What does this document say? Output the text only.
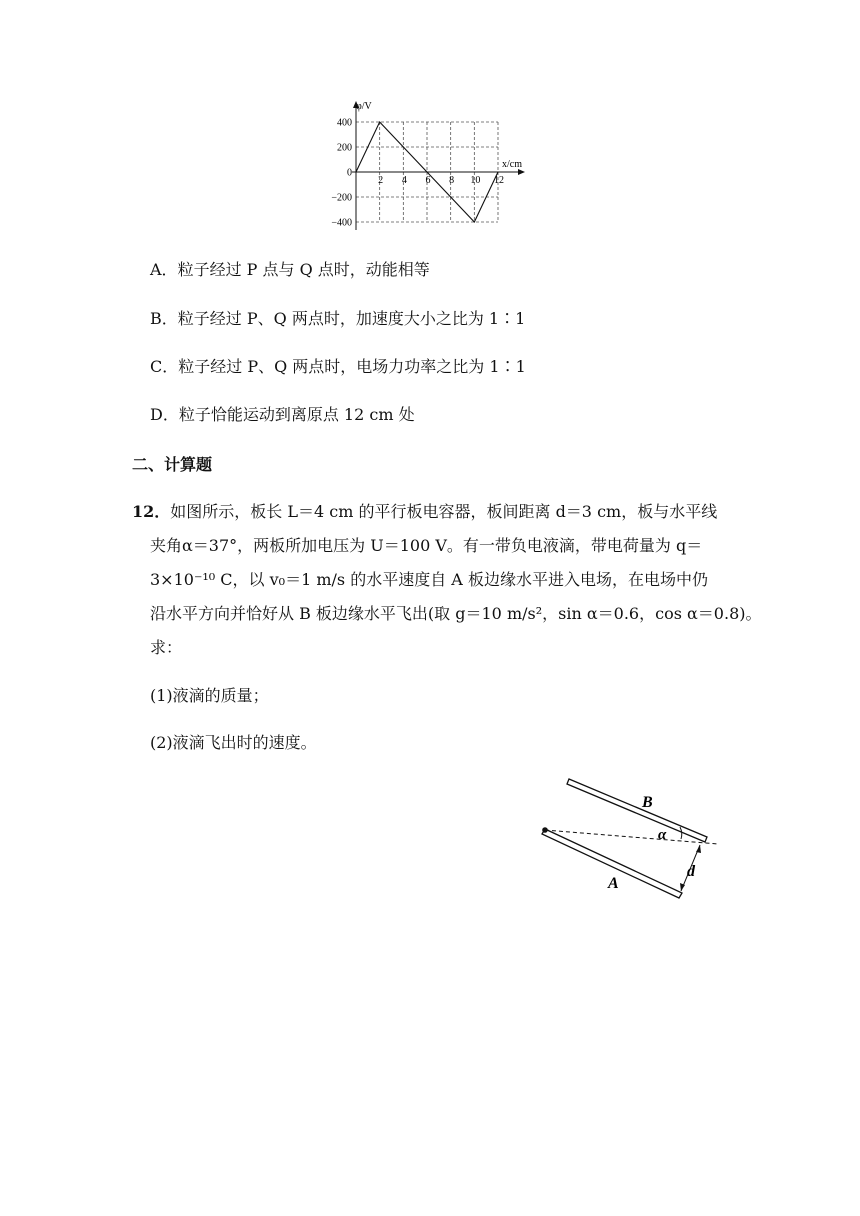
400
200
0
−200
−400
2 4 6 8 10 12
φ/V
x/cm
A．粒子经过 P 点与 Q 点时，动能相等
B．粒子经过 P、Q 两点时，加速度大小之比为 1∶1
C．粒子经过 P、Q 两点时，电场力功率之比为 1∶1
D．粒子恰能运动到离原点 12 cm 处
二、计算题
12．如图所示，板长 L＝4 cm 的平行板电容器，板间距离 d＝3 cm，板与水平线
夹角α＝37°，两板所加电压为 U＝100 V。有一带负电液滴，带电荷量为 q＝
3×10⁻¹⁰ C，以 v₀＝1 m/s 的水平速度自 A 板边缘水平进入电场，在电场中仍
沿水平方向并恰好从 B 板边缘水平飞出(取 g＝10 m/s²，sin α＝0.6，cos α＝0.8)。
求：
(1)液滴的质量；
(2)液滴飞出时的速度。
B
A
α
d
